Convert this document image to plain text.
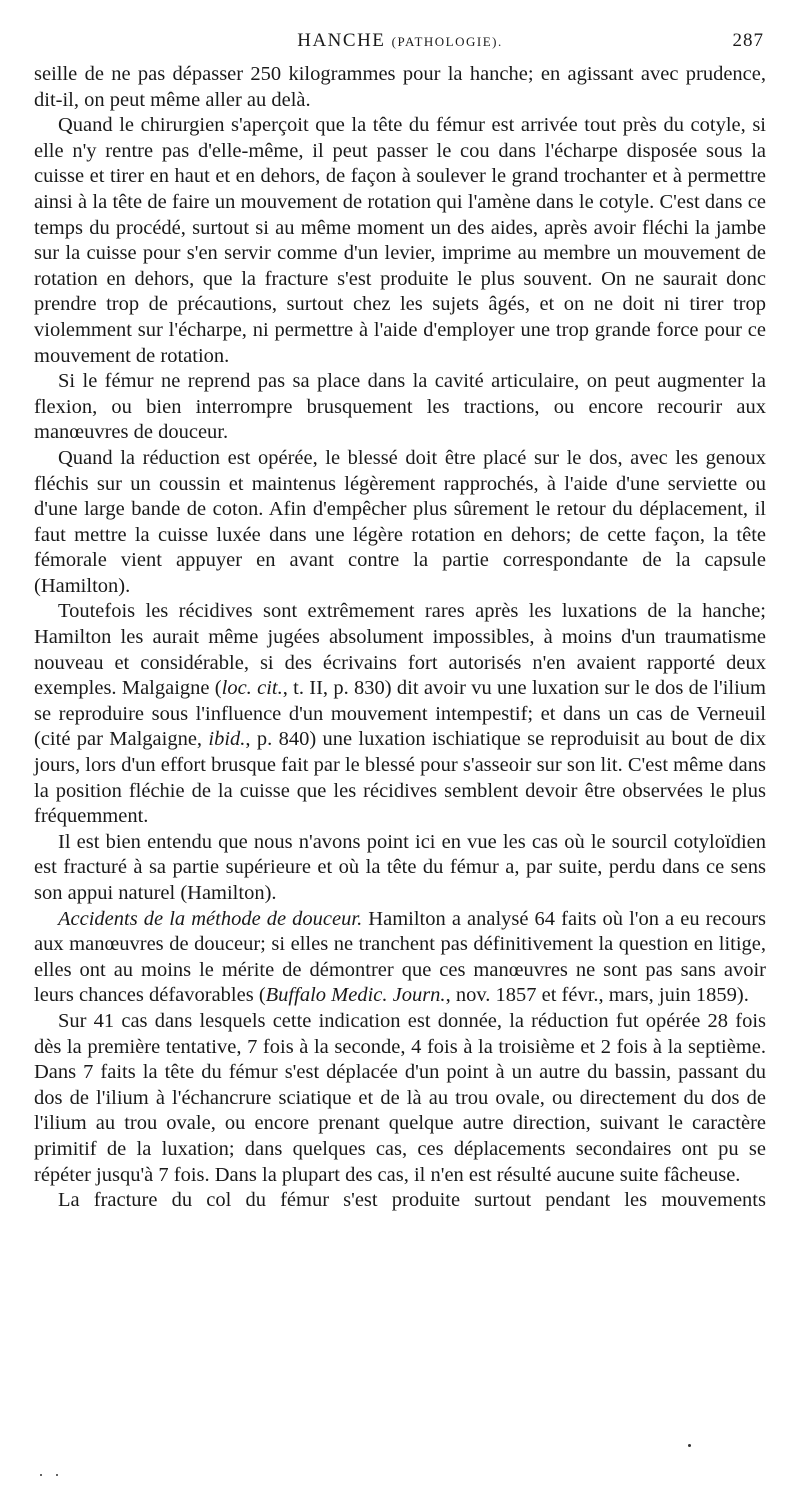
HANCHE (PATHOLOGIE).	287

seille de ne pas dépasser 250 kilogrammes pour la hanche; en agissant avec prudence, dit-il, on peut même aller au delà.

Quand le chirurgien s'aperçoit que la tête du fémur est arrivée tout près du cotyle, si elle n'y rentre pas d'elle-même, il peut passer le cou dans l'écharpe disposée sous la cuisse et tirer en haut et en dehors, de façon à soulever le grand trochanter et à permettre ainsi à la tête de faire un mouvement de rotation qui l'amène dans le cotyle. C'est dans ce temps du procédé, surtout si au même moment un des aides, après avoir fléchi la jambe sur la cuisse pour s'en servir comme d'un levier, imprime au membre un mouvement de rotation en dehors, que la fracture s'est produite le plus souvent. On ne saurait donc prendre trop de précautions, surtout chez les sujets âgés, et on ne doit ni tirer trop violemment sur l'écharpe, ni permettre à l'aide d'employer une trop grande force pour ce mouvement de rotation.

Si le fémur ne reprend pas sa place dans la cavité articulaire, on peut augmenter la flexion, ou bien interrompre brusquement les tractions, ou encore recourir aux manœuvres de douceur.

Quand la réduction est opérée, le blessé doit être placé sur le dos, avec les genoux fléchis sur un coussin et maintenus légèrement rapprochés, à l'aide d'une serviette ou d'une large bande de coton. Afin d'empêcher plus sûrement le retour du déplacement, il faut mettre la cuisse luxée dans une légère rotation en dehors; de cette façon, la tête fémorale vient appuyer en avant contre la partie correspondante de la capsule (Hamilton).

Toutefois les récidives sont extrêmement rares après les luxations de la hanche; Hamilton les aurait même jugées absolument impossibles, à moins d'un traumatisme nouveau et considérable, si des écrivains fort autorisés n'en avaient rapporté deux exemples. Malgaigne (loc. cit., t. II, p. 830) dit avoir vu une luxation sur le dos de l'ilium se reproduire sous l'influence d'un mouvement intempestif; et dans un cas de Verneuil (cité par Malgaigne, ibid., p. 840) une luxation ischiatique se reproduisit au bout de dix jours, lors d'un effort brusque fait par le blessé pour s'asseoir sur son lit. C'est même dans la position fléchie de la cuisse que les récidives semblent devoir être observées le plus fréquemment.

Il est bien entendu que nous n'avons point ici en vue les cas où le sourcil cotyloïdien est fracturé à sa partie supérieure et où la tête du fémur a, par suite, perdu dans ce sens son appui naturel (Hamilton).

Accidents de la méthode de douceur. Hamilton a analysé 64 faits où l'on a eu recours aux manœuvres de douceur; si elles ne tranchent pas définitivement la question en litige, elles ont au moins le mérite de démontrer que ces manœuvres ne sont pas sans avoir leurs chances défavorables (Buffalo Medic. Journ., nov. 1857 et févr., mars, juin 1859).

Sur 41 cas dans lesquels cette indication est donnée, la réduction fut opérée 28 fois dès la première tentative, 7 fois à la seconde, 4 fois à la troisième et 2 fois à la septième. Dans 7 faits la tête du fémur s'est déplacée d'un point à un autre du bassin, passant du dos de l'ilium à l'échancrure sciatique et de là au trou ovale, ou directement du dos de l'ilium au trou ovale, ou encore prenant quelque autre direction, suivant le caractère primitif de la luxation; dans quelques cas, ces déplacements secondaires ont pu se répéter jusqu'à 7 fois. Dans la plupart des cas, il n'en est résulté aucune suite fâcheuse.

La fracture du col du fémur s'est produite surtout pendant les mouvements
